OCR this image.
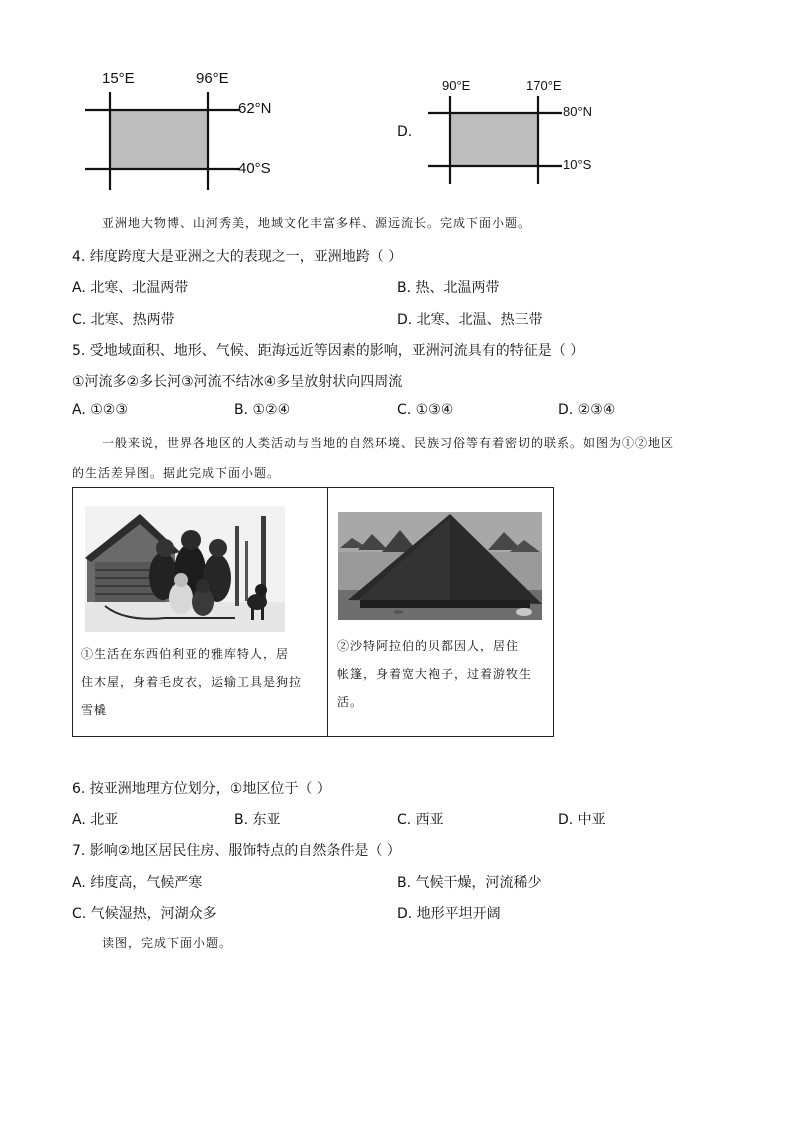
15°E	96°E
62°N
40°S
D.
90°E	170°E
80°N
10°S
亚洲地大物博、山河秀美，地域文化丰富多样、源远流长。完成下面小题。
4. 纬度跨度大是亚洲之大的表现之一，亚洲地跨（ ）
A. 北寒、北温两带	B. 热、北温两带
C. 北寒、热两带	D. 北寒、北温、热三带
5. 受地域面积、地形、气候、距海远近等因素的影响，亚洲河流具有的特征是（ ）
①河流多②多长河③河流不结冰④多呈放射状向四周流
A. ①②③	B. ①②④	C. ①③④	D. ②③④
一般来说，世界各地区的人类活动与当地的自然环境、民族习俗等有着密切的联系。如图为①②地区
的生活差异图。据此完成下面小题。
①生活在东西伯利亚的雅库特人，居
住木屋，身着毛皮衣，运输工具是狗拉
雪橇
②沙特阿拉伯的贝都因人，居住
帐篷，身着宽大袍子，过着游牧生
活。
6. 按亚洲地理方位划分，①地区位于（ ）
A. 北亚	B. 东亚	C. 西亚	D. 中亚
7. 影响②地区居民住房、服饰特点的自然条件是（ ）
A. 纬度高，气候严寒	B. 气候干燥，河流稀少
C. 气候湿热，河湖众多	D. 地形平坦开阔
读图，完成下面小题。
